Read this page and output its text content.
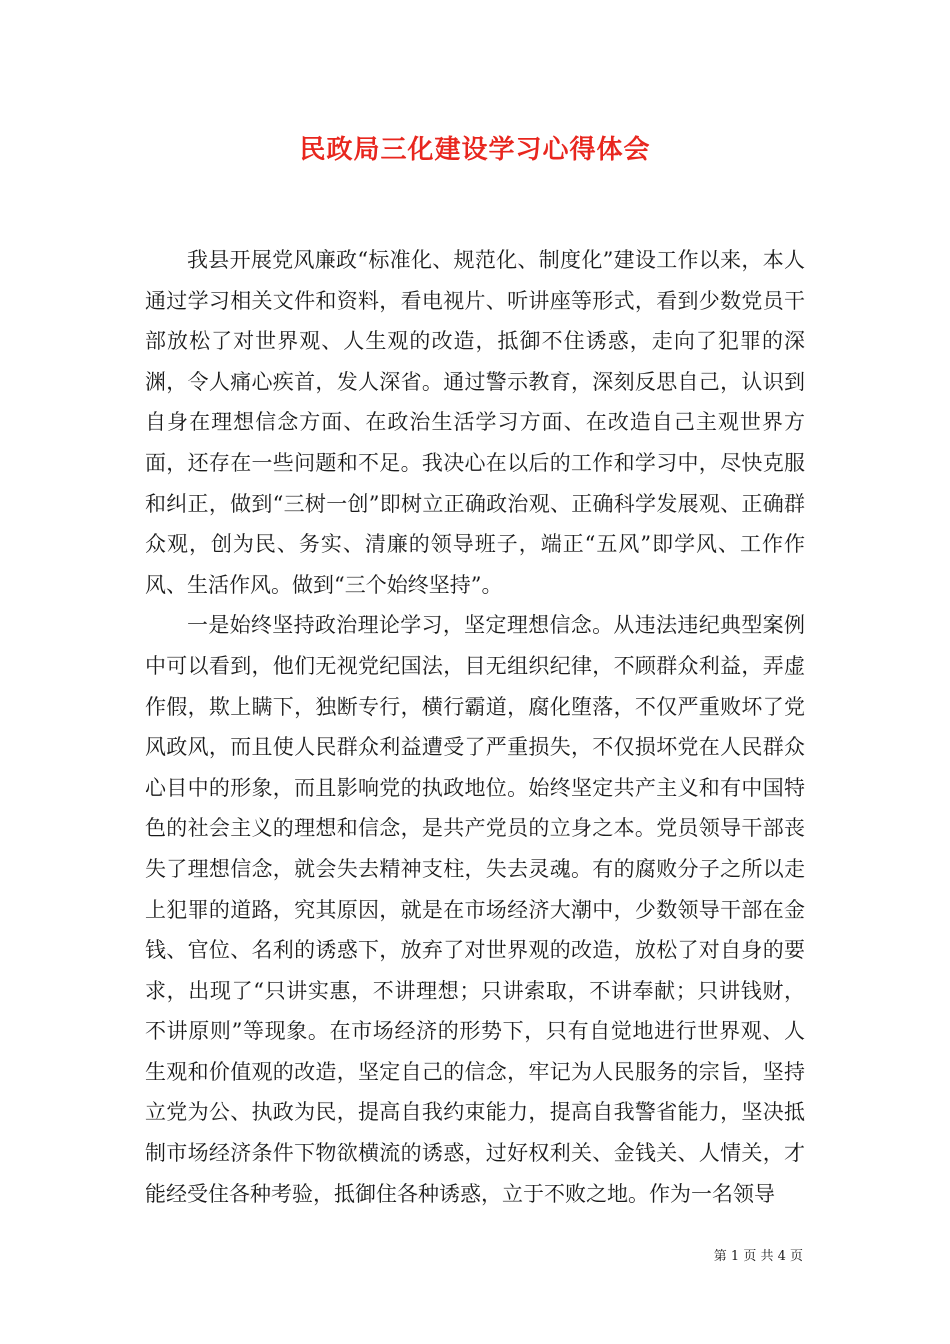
民政局三化建设学习心得体会

我县开展党风廉政“标准化、规范化、制度化”建设工作以来，本人通过学习相关文件和资料，看电视片、听讲座等形式，看到少数党员干部放松了对世界观、人生观的改造，抵御不住诱惑，走向了犯罪的深渊，令人痛心疾首，发人深省。通过警示教育，深刻反思自己，认识到自身在理想信念方面、在政治生活学习方面、在改造自己主观世界方面，还存在一些问题和不足。我决心在以后的工作和学习中，尽快克服和纠正，做到“三树一创”即树立正确政治观、正确科学发展观、正确群众观，创为民、务实、清廉的领导班子，端正“五风”即学风、工作作风、生活作风。做到“三个始终坚持”。

一是始终坚持政治理论学习，坚定理想信念。从违法违纪典型案例中可以看到，他们无视党纪国法，目无组织纪律，不顾群众利益，弄虚作假，欺上瞒下，独断专行，横行霸道，腐化堕落，不仅严重败坏了党风政风，而且使人民群众利益遭受了严重损失，不仅损坏党在人民群众心目中的形象，而且影响党的执政地位。始终坚定共产主义和有中国特色的社会主义的理想和信念，是共产党员的立身之本。党员领导干部丧失了理想信念，就会失去精神支柱，失去灵魂。有的腐败分子之所以走上犯罪的道路，究其原因，就是在市场经济大潮中，少数领导干部在金钱、官位、名利的诱惑下，放弃了对世界观的改造，放松了对自身的要求，出现了“只讲实惠，不讲理想；只讲索取，不讲奉献；只讲钱财，不讲原则”等现象。在市场经济的形势下，只有自觉地进行世界观、人生观和价值观的改造，坚定自己的信念，牢记为人民服务的宗旨，坚持立党为公、执政为民，提高自我约束能力，提高自我警省能力，坚决抵制市场经济条件下物欲横流的诱惑，过好权利关、金钱关、人情关，才能经受住各种考验，抵御住各种诱惑，立于不败之地。作为一名领导

第 1 页 共 4 页
